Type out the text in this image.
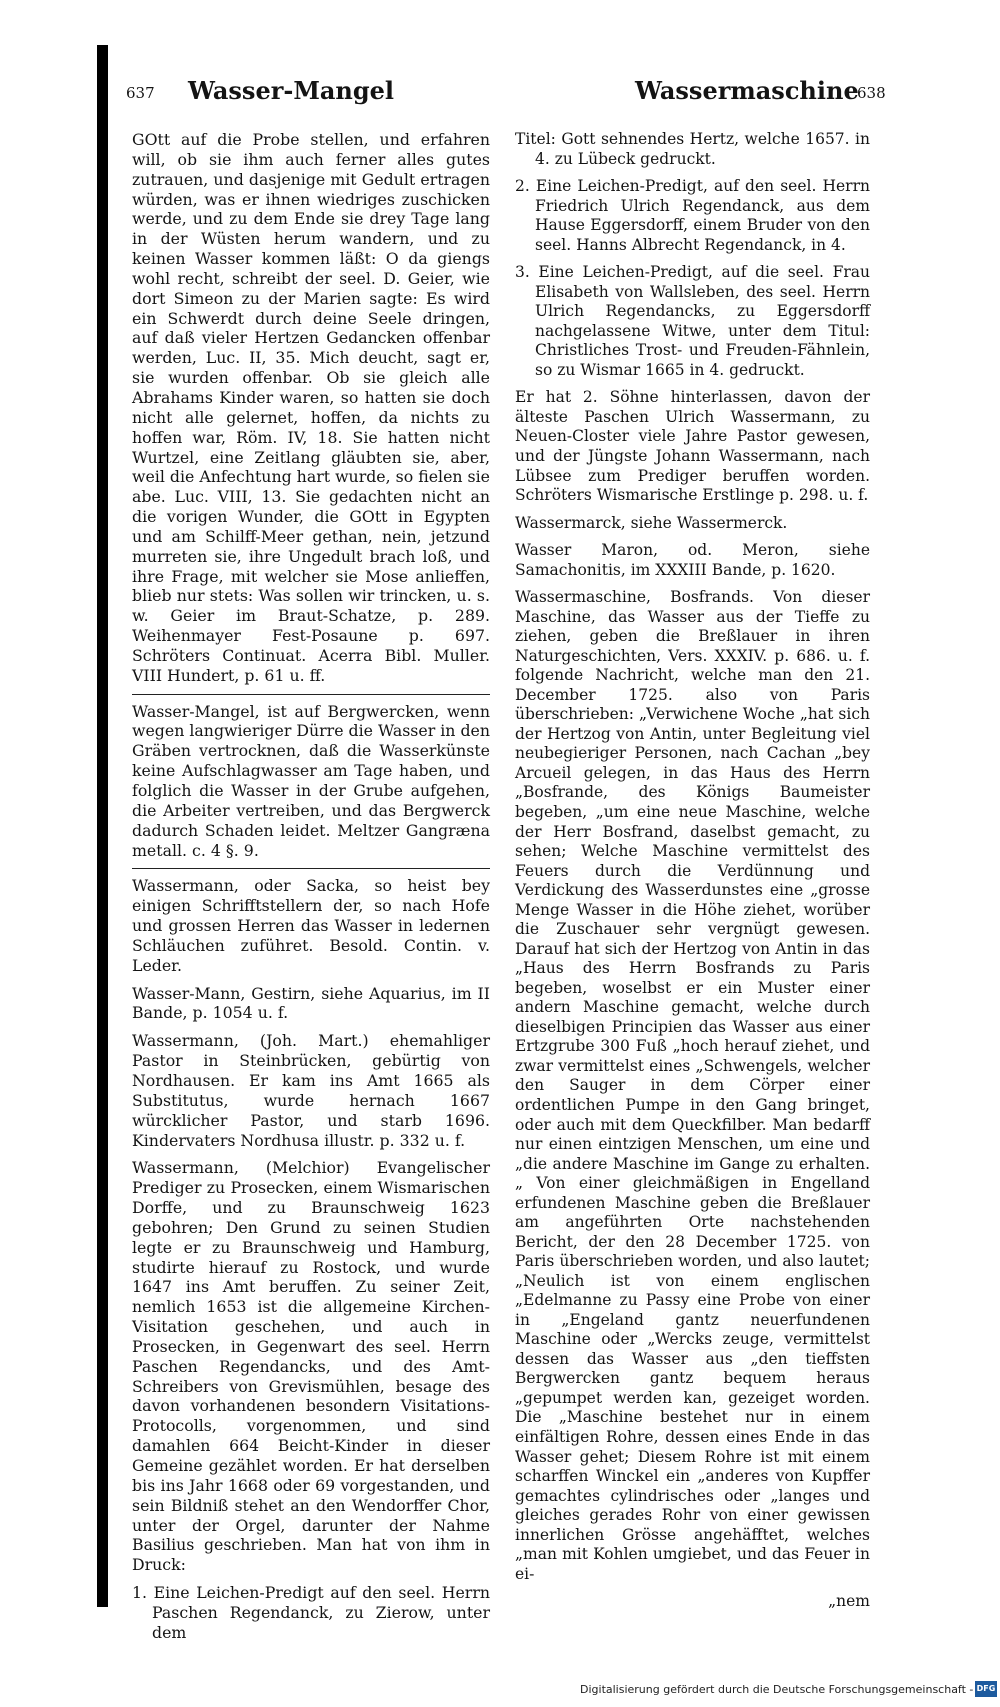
637 Wasser-Mangel	Wassermaschine
638

GOtt auf die Probe stellen, und erfahren will, ob sie ihm auch ferner alles gutes zutrauen, und dasjenige mit Gedult ertragen würden, was er ihnen wiedriges zuschicken werde, und zu dem Ende sie drey Tage lang in der Wüsten herum wandern, und zu keinen Wasser kommen läßt: O da giengs wohl recht, schreibt der seel. D. Geier, wie dort Simeon zu der Marien sagte: Es wird ein Schwerdt durch deine Seele dringen, auf daß vieler Hertzen Gedancken offenbar werden, Luc. II, 35. Mich deucht, sagt er, sie wurden offenbar. Ob sie gleich alle Abrahams Kinder waren, so hatten sie doch nicht alle gelernet, hoffen, da nichts zu hoffen war, Röm. IV, 18. Sie hatten nicht Wurtzel, eine Zeitlang gläubten sie, aber, weil die Anfechtung hart wurde, so fielen sie abe. Luc. VIII, 13. Sie gedachten nicht an die vorigen Wunder, die GOtt in Egypten und am Schilff-Meer gethan, nein, jetzund murreten sie, ihre Ungedult brach loß, und ihre Frage, mit welcher sie Mose anlieffen, blieb nur stets: Was sollen wir trincken, u. s. w. Geier im Braut-Schatze, p. 289. Weihenmayer Fest-Posaune p. 697. Schröters Continuat. Acerra Bibl. Muller. VIII Hundert, p. 61 u. ff.

Wasser-Mangel, ist auf Bergwercken, wenn wegen langwieriger Dürre die Wasser in den Gräben vertrocknen, daß die Wasserkünste keine Aufschlagwasser am Tage haben, und folglich die Wasser in der Grube aufgehen, die Arbeiter vertreiben, und das Bergwerck dadurch Schaden leidet. Meltzer Gangræna metall. c. 4 §. 9.

Wassermann, oder Sacka, so heist bey einigen Schrifftstellern der, so nach Hofe und grossen Herren das Wasser in ledernen Schläuchen zuführet. Besold. Contin. v. Leder.

Wasser-Mann, Gestirn, siehe Aquarius, im II Bande, p. 1054 u. f.

Wassermann, (Joh. Mart.) ehemahliger Pastor in Steinbrücken, gebürtig von Nordhausen. Er kam ins Amt 1665 als Substitutus, wurde hernach 1667 würcklicher Pastor, und starb 1696. Kindervaters Nordhusa illustr. p. 332 u. f.

Wassermann, (Melchior) Evangelischer Prediger zu Prosecken, einem Wismarischen Dorffe, und zu Braunschweig 1623 gebohren; Den Grund zu seinen Studien legte er zu Braunschweig und Hamburg, studirte hierauf zu Rostock, und wurde 1647 ins Amt beruffen. Zu seiner Zeit, nemlich 1653 ist die allgemeine Kirchen-Visitation geschehen, und auch in Prosecken, in Gegenwart des seel. Herrn Paschen Regendancks, und des Amt-Schreibers von Grevismühlen, besage des davon vorhandenen besondern Visitations-Protocolls, vorgenommen, und sind damahlen 664 Beicht-Kinder in dieser Gemeine gezählet worden. Er hat derselben bis ins Jahr 1668 oder 69 vorgestanden, und sein Bildniß stehet an den Wendorffer Chor, unter der Orgel, darunter der Nahme Basilius geschrieben. Man hat von ihm in Druck:

1. Eine Leichen-Predigt auf den seel. Herrn Paschen Regendanck, zu Zierow, unter dem

Titel: Gott sehnendes Hertz, welche 1657. in 4. zu Lübeck gedruckt.

2. Eine Leichen-Predigt, auf den seel. Herrn Friedrich Ulrich Regendanck, aus dem Hause Eggersdorff, einem Bruder von den seel. Hanns Albrecht Regendanck, in 4.

3. Eine Leichen-Predigt, auf die seel. Frau Elisabeth von Wallsleben, des seel. Herrn Ulrich Regendancks, zu Eggersdorff nachgelassene Witwe, unter dem Titul: Christliches Trost- und Freuden-Fähnlein, so zu Wismar 1665 in 4. gedruckt.

Er hat 2. Söhne hinterlassen, davon der älteste Paschen Ulrich Wassermann, zu Neuen-Closter viele Jahre Pastor gewesen, und der Jüngste Johann Wassermann, nach Lübsee zum Prediger beruffen worden. Schröters Wismarische Erstlinge p. 298. u. f.

Wassermarck, siehe Wassermerck.

Wasser Maron, od. Meron, siehe Samachonitis, im XXXIII Bande, p. 1620.

Wassermaschine, Bosfrands. Von dieser Maschine, das Wasser aus der Tieffe zu ziehen, geben die Breßlauer in ihren Naturgeschichten, Vers. XXXIV. p. 686. u. f. folgende Nachricht, welche man den 21. December 1725. also von Paris überschrieben: „Verwichene Woche „hat sich der Hertzog von Antin, unter Begleitung viel neubegieriger Personen, nach Cachan „bey Arcueil gelegen, in das Haus des Herrn „Bosfrande, des Königs Baumeister begeben, „um eine neue Maschine, welche der Herr Bosfrand, daselbst gemacht, zu sehen; Welche Maschine vermittelst des Feuers durch die Verdünnung und Verdickung des Wasserdunstes eine „grosse Menge Wasser in die Höhe ziehet, worüber die Zuschauer sehr vergnügt gewesen. Darauf hat sich der Hertzog von Antin in das „Haus des Herrn Bosfrands zu Paris begeben, woselbst er ein Muster einer andern Maschine gemacht, welche durch dieselbigen Principien das Wasser aus einer Ertzgrube 300 Fuß „hoch herauf ziehet, und zwar vermittelst eines „Schwengels, welcher den Sauger in dem Cörper einer ordentlichen Pumpe in den Gang bringet, oder auch mit dem Queckfilber. Man bedarff nur einen eintzigen Menschen, um eine und „die andere Maschine im Gange zu erhalten.„ Von einer gleichmäßigen in Engelland erfundenen Maschine geben die Breßlauer am angeführten Orte nachstehenden Bericht, der den 28 December 1725. von Paris überschrieben worden, und also lautet; „Neulich ist von einem englischen „Edelmanne zu Passy eine Probe von einer in „Engeland gantz neuerfundenen Maschine oder „Wercks zeuge, vermittelst dessen das Wasser aus „den tieffsten Bergwercken gantz bequem heraus „gepumpet werden kan, gezeiget worden. Die „Maschine bestehet nur in einem einfältigen Rohre, dessen eines Ende in das Wasser gehet; Diesem Rohre ist mit einem scharffen Winckel ein „anderes von Kupffer gemachtes cylindrisches oder „langes und gleiches gerades Rohr von einer gewissen innerlichen Grösse angehäfftet, welches „man mit Kohlen umgiebet, und das Feuer in ei-

„nem

Digitalisierung gefördert durch die Deutsche Forschungsgemeinschaft - DFG
